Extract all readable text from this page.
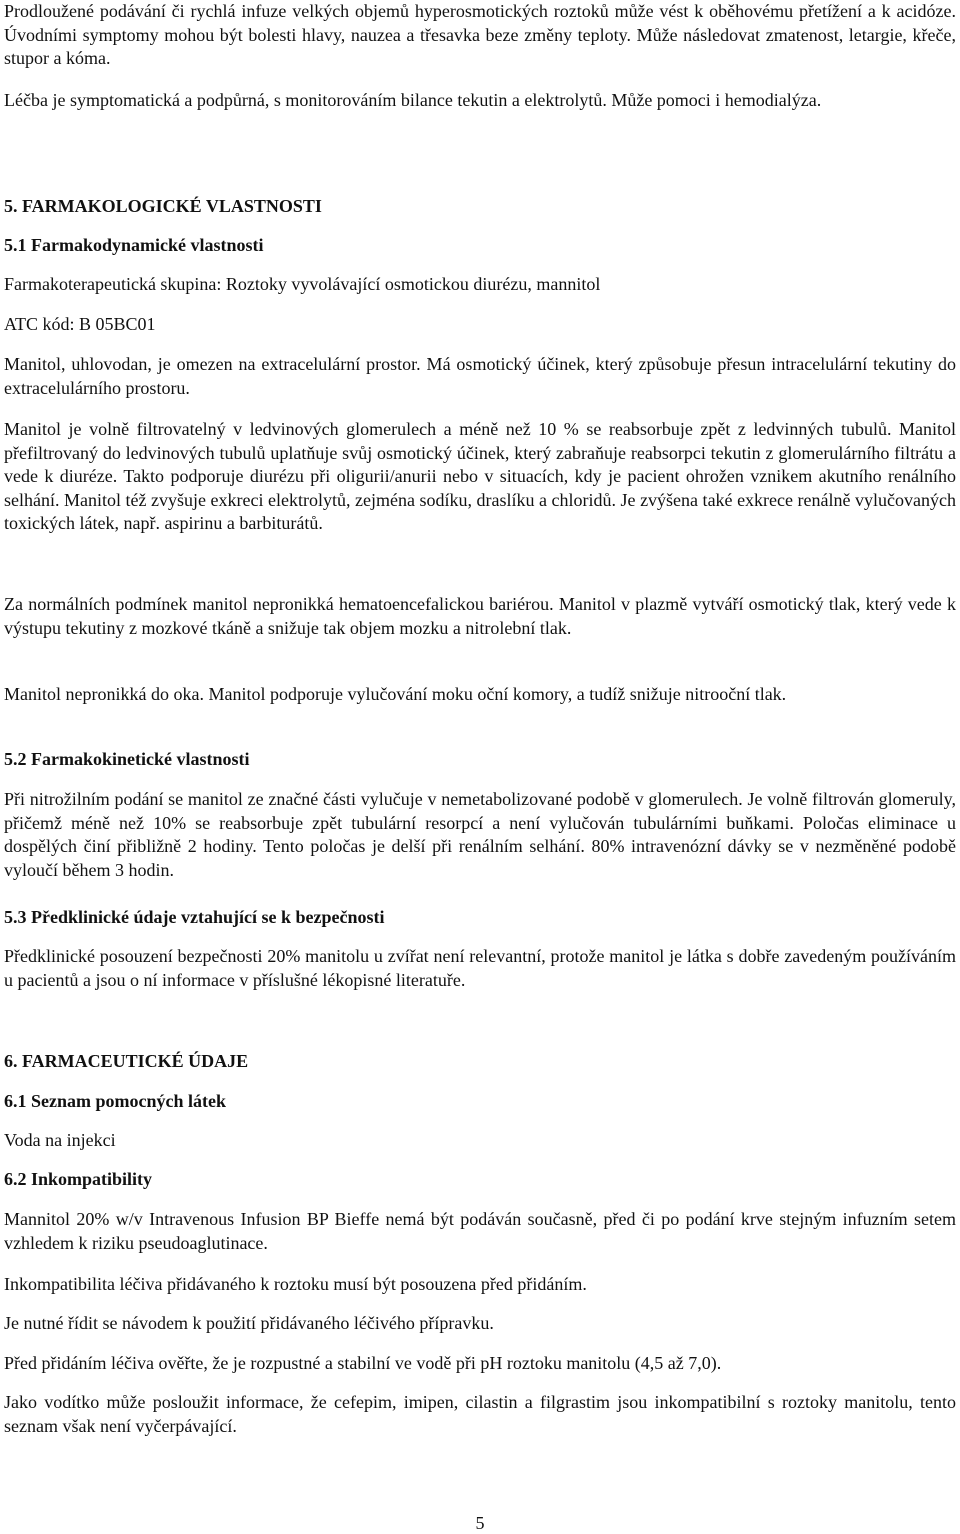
Prodloužené podávání či rychlá infuze velkých objemů hyperosmotických roztoků může vést k oběhovému přetížení a k acidóze. Úvodními symptomy mohou být bolesti hlavy, nauzea a třesavka beze změny teploty. Může následovat zmatenost, letargie, křeče, stupor a kóma.

Léčba je symptomatická a podpůrná, s monitorováním bilance tekutin a elektrolytů. Může pomoci i hemodialýza.

5. FARMAKOLOGICKÉ VLASTNOSTI
5.1 Farmakodynamické vlastnosti

Farmakoterapeutická skupina: Roztoky vyvolávající osmotickou diurézu, mannitol

ATC kód: B 05BC01

Manitol, uhlovodan, je omezen na extracelulární prostor. Má osmotický účinek, který způsobuje přesun intracelulární tekutiny do extracelulárního prostoru.

Manitol je volně filtrovatelný v ledvinových glomerulech a méně než 10 % se reabsorbuje zpět z ledvinných tubulů. Manitol přefiltrovaný do ledvinových tubulů uplatňuje svůj osmotický účinek, který zabraňuje reabsorpci tekutin z glomerulárního filtrátu a vede k diuréze. Takto podporuje diurézu při oligurii/anurii nebo v situacích, kdy je pacient ohrožen vznikem akutního renálního selhání. Manitol též zvyšuje exkreci elektrolytů, zejména sodíku, draslíku a chloridů. Je zvýšena také exkrece renálně vylučovaných toxických látek, např. aspirinu a barbiturátů.

Za normálních podmínek manitol nepronikká hematoencefalickou bariérou. Manitol v plazmě vytváří osmotický tlak, který vede k výstupu tekutiny z mozkové tkáně a snižuje tak objem mozku a nitrolební tlak.

Manitol nepronikká do oka. Manitol podporuje vylučování moku oční komory, a tudíž snižuje nitrooční tlak.

5.2 Farmakokinetické vlastnosti

Při nitrožilním podání se manitol ze značné části vylučuje v nemetabolizované podobě v glomerulech. Je volně filtrován glomeruly, přičemž méně než 10% se reabsorbuje zpět tubulární resorpcí a není vylučován tubulárními buňkami. Poločas eliminace u dospělých činí přibližně 2 hodiny. Tento poločas je delší při renálním selhání. 80% intravenózní dávky se v nezměněné podobě vyloučí během 3 hodin.

5.3 Předklinické údaje vztahující se k bezpečnosti

Předklinické posouzení bezpečnosti 20% manitolu u zvířat není relevantní, protože manitol je látka s dobře zavedeným používáním u pacientů a jsou o ní informace v příslušné lékopisné literatuře.

6. FARMACEUTICKÉ ÚDAJE
6.1 Seznam pomocných látek

Voda na injekci

6.2 Inkompatibility

Mannitol 20% w/v Intravenous Infusion BP Bieffe nemá být podáván současně, před či po podání krve stejným infuzním setem vzhledem k riziku pseudoaglutinace.

Inkompatibilita léčiva přidávaného k roztoku musí být posouzena před přidáním.

Je nutné řídit se návodem k použití přidávaného léčivého přípravku.

Před přidáním léčiva ověřte, že je rozpustné a stabilní ve vodě při pH roztoku manitolu (4,5 až 7,0).

Jako vodítko může posloužit informace, že cefepim, imipen, cilastin a filgrastim jsou inkompatibilní s roztoky manitolu, tento seznam však není vyčerpávající.

5
